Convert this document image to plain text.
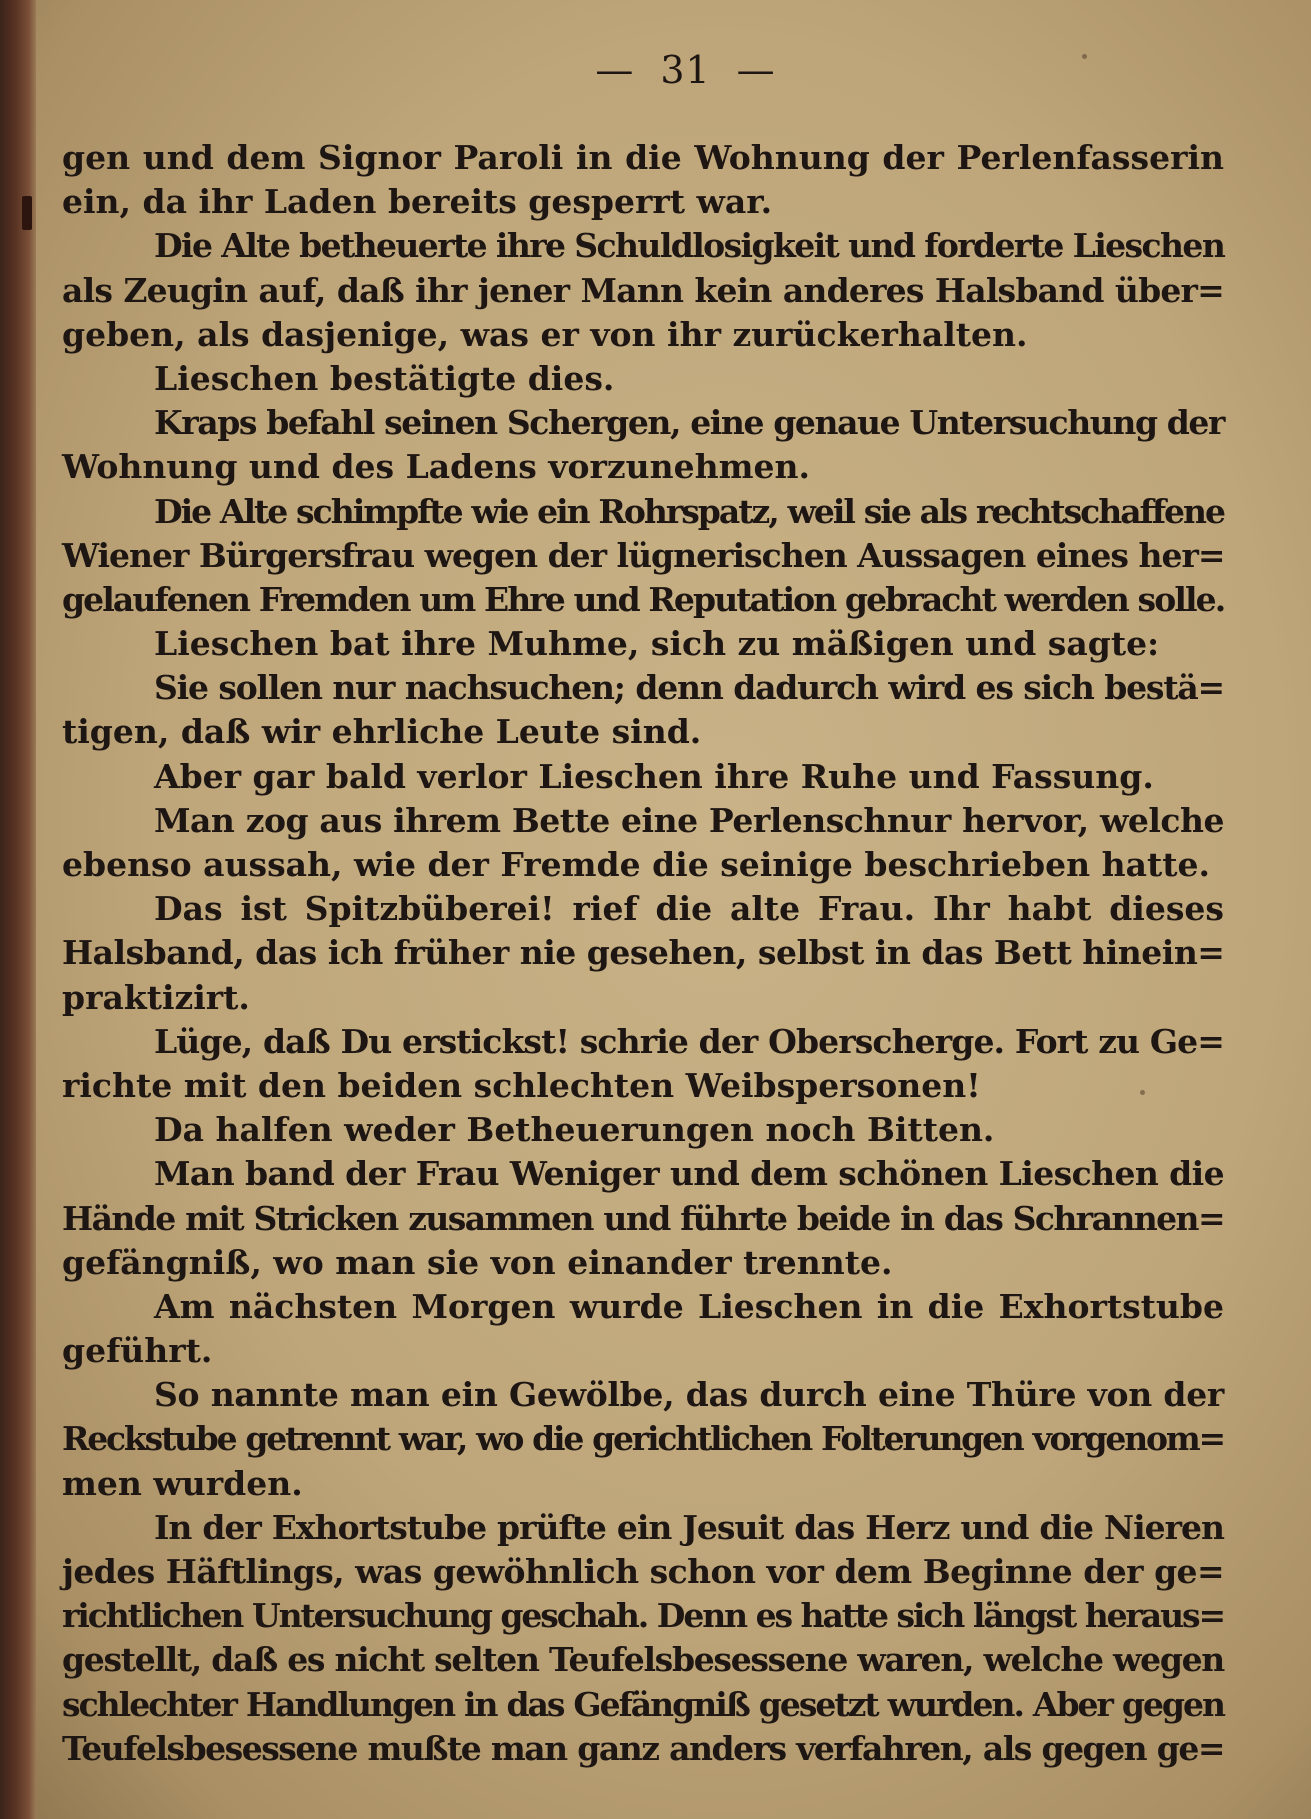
— 31 —
gen und dem Signor Paroli in die Wohnung der Perlenfasserin
ein, da ihr Laden bereits gesperrt war.
Die Alte betheuerte ihre Schuldlosigkeit und forderte Lieschen
als Zeugin auf, daß ihr jener Mann kein anderes Halsband über=
geben, als dasjenige, was er von ihr zurückerhalten.
Lieschen bestätigte dies.
Kraps befahl seinen Schergen, eine genaue Untersuchung der
Wohnung und des Ladens vorzunehmen.
Die Alte schimpfte wie ein Rohrspatz, weil sie als rechtschaffene
Wiener Bürgersfrau wegen der lügnerischen Aussagen eines her=
gelaufenen Fremden um Ehre und Reputation gebracht werden solle.
Lieschen bat ihre Muhme, sich zu mäßigen und sagte:
Sie sollen nur nachsuchen; denn dadurch wird es sich bestä=
tigen, daß wir ehrliche Leute sind.
Aber gar bald verlor Lieschen ihre Ruhe und Fassung.
Man zog aus ihrem Bette eine Perlenschnur hervor, welche
ebenso aussah, wie der Fremde die seinige beschrieben hatte.
Das ist Spitzbüberei! rief die alte Frau. Ihr habt dieses
Halsband, das ich früher nie gesehen, selbst in das Bett hinein=
praktizirt.
Lüge, daß Du erstickst! schrie der Oberscherge. Fort zu Ge=
richte mit den beiden schlechten Weibspersonen!
Da halfen weder Betheuerungen noch Bitten.
Man band der Frau Weniger und dem schönen Lieschen die
Hände mit Stricken zusammen und führte beide in das Schrannen=
gefängniß, wo man sie von einander trennte.
Am nächsten Morgen wurde Lieschen in die Exhortstube
geführt.
So nannte man ein Gewölbe, das durch eine Thüre von der
Reckstube getrennt war, wo die gerichtlichen Folterungen vorgenom=
men wurden.
In der Exhortstube prüfte ein Jesuit das Herz und die Nieren
jedes Häftlings, was gewöhnlich schon vor dem Beginne der ge=
richtlichen Untersuchung geschah. Denn es hatte sich längst heraus=
gestellt, daß es nicht selten Teufelsbesessene waren, welche wegen
schlechter Handlungen in das Gefängniß gesetzt wurden. Aber gegen
Teufelsbesessene mußte man ganz anders verfahren, als gegen ge=
